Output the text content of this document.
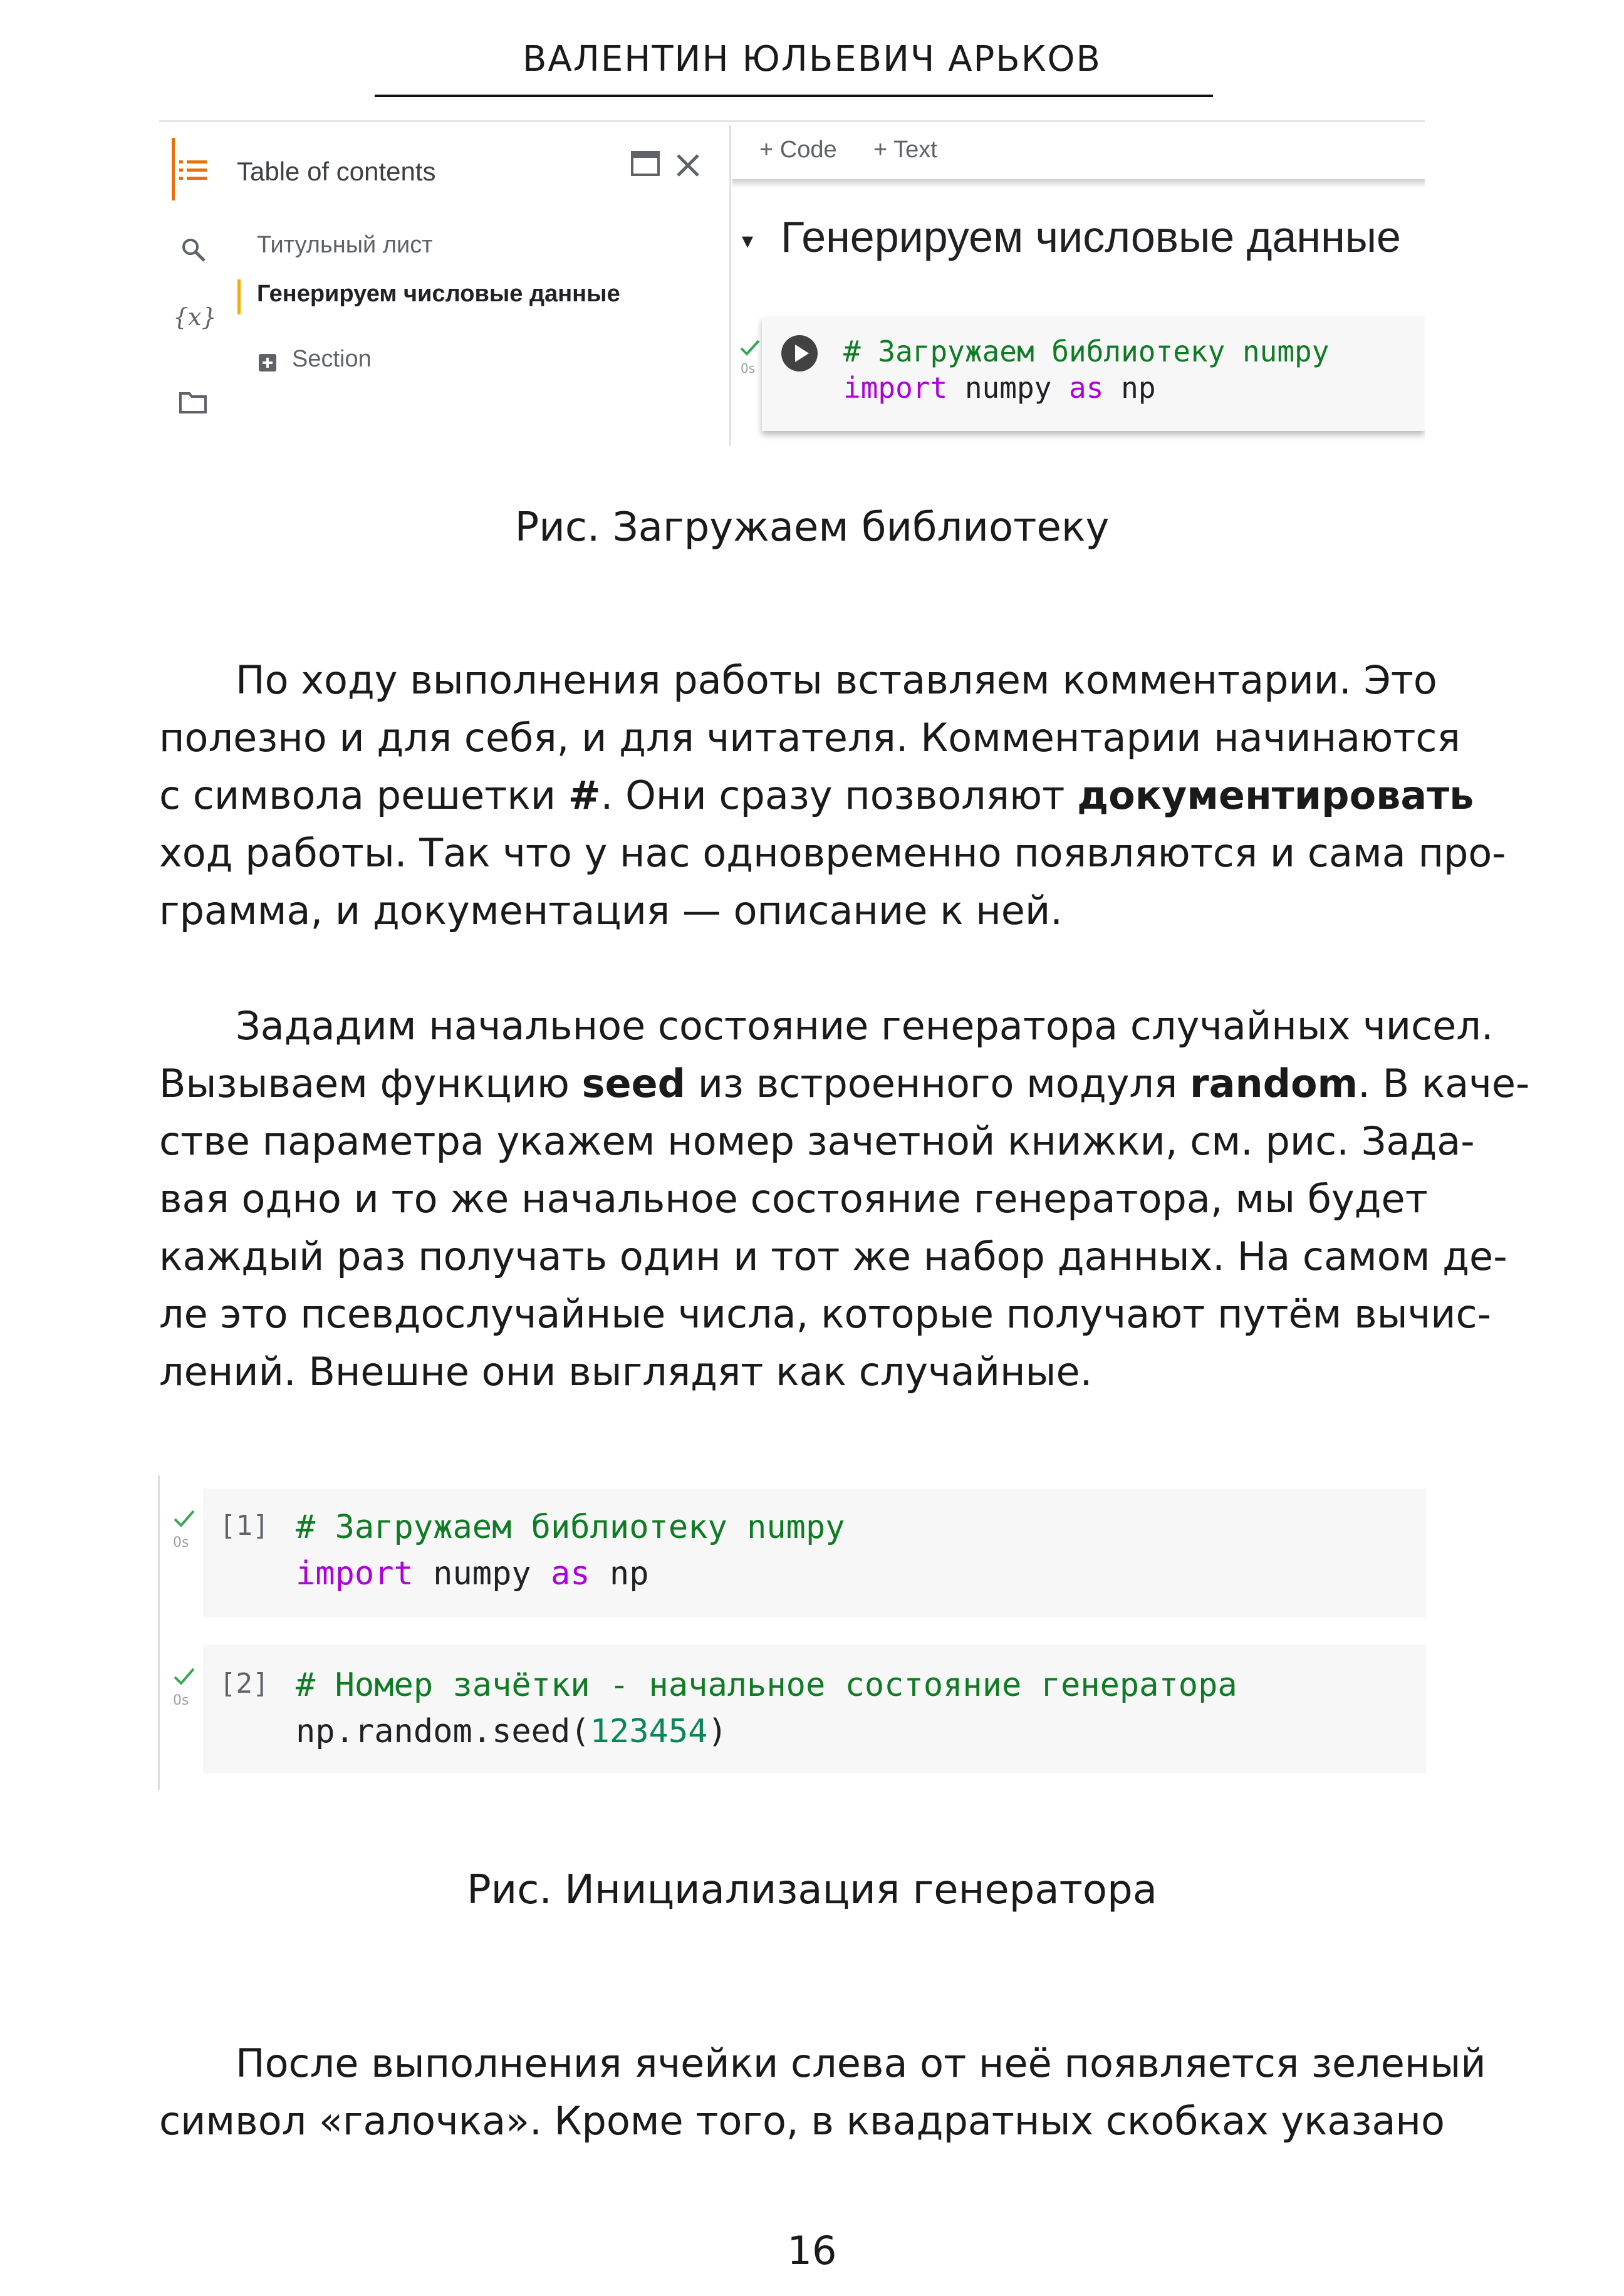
ВАЛЕНТИН ЮЛЬЕВИЧ АРЬКОВ
Table of contents
{x}
Титульный лист
Генерируем числовые данные
Section
+ Code + Text
▾ Генерируем числовые данные
0s	# Загружаем библиотеку numpy
import numpy as np
Рис. Загружаем библиотеку
По ходу выполнения работы вставляем комментарии. Это
полезно и для себя, и для читателя. Комментарии начинаются
с символа решетки #. Они сразу позволяют документировать
ход работы. Так что у нас одновременно появляются и сама про-
грамма, и документация — описание к ней.
Зададим начальное состояние генератора случайных чисел.
Вызываем функцию seed из встроенного модуля random. В каче-
стве параметра укажем номер зачетной книжки, см. рис. Зада-
вая одно и то же начальное состояние генератора, мы будет
каждый раз получать один и тот же набор данных. На самом де-
ле это псевдослучайные числа, которые получают путём вычис-
лений. Внешне они выглядят как случайные.
0s
[1] # Загружаем библиотеку numpy
import numpy as np
0s
[2] # Номер зачётки - начальное состояние генератора
np.random.seed(123454)
Рис. Инициализация генератора
После выполнения ячейки слева от неё появляется зеленый
символ «галочка». Кроме того, в квадратных скобках указано
16
